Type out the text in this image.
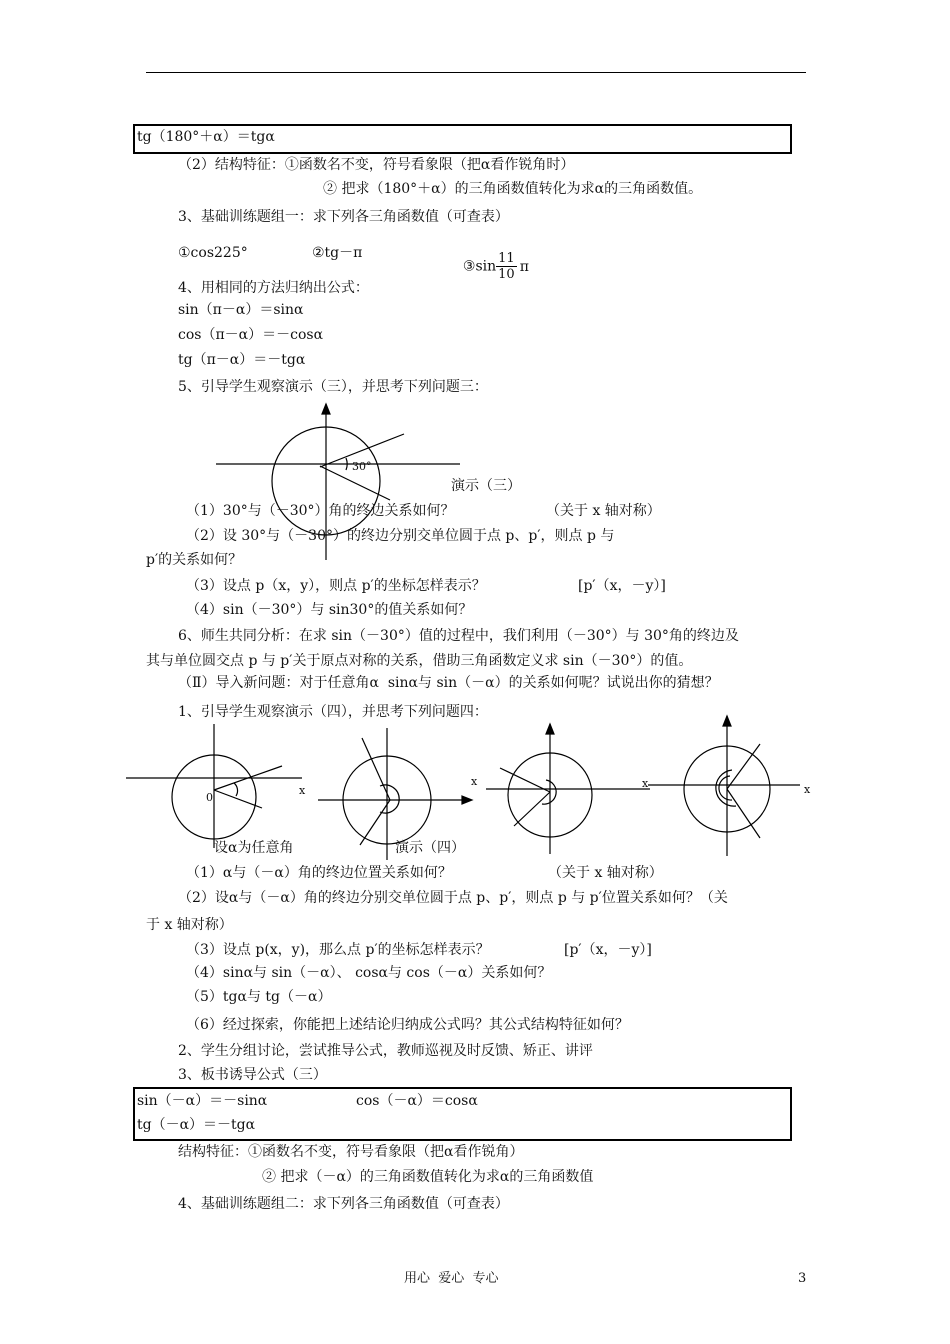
tg（180°＋α）＝tgα
（2）结构特征：①函数名不变，符号看象限（把α看作锐角时）
② 把求（180°＋α）的三角函数值转化为求α的三角函数值。
3、基础训练题组一：求下列各三角函数值（可查表）
①cos225°	②tg－π

③sin $\frac{11}{10}$ π

4、用相同的方法归纳出公式：
sin（π－α）＝sinα
cos（π－α）＝－cosα
tg（π－α）＝－tgα
5、引导学生观察演示（三），并思考下列问题三：
30°
演示（三）
（1）30°与（－30°）角的终边关系如何？	（关于 x 轴对称）
（2）设 30°与（－30°）的终边分别交单位圆于点 p、p′，则点 p 与
p′的关系如何？
（3）设点 p（x，y），则点 p′的坐标怎样表示？	[p′（x，－y）]
（4）sin（－30°）与 sin30°的值关系如何？
6、师生共同分析：在求 sin（－30°）值的过程中，我们利用（－30°）与 30°角的终边及
其与单位圆交点 p 与 p′关于原点对称的关系，借助三角函数定义求 sin（－30°）的值。
（Ⅱ）导入新问题：对于任意角α  sinα与 sin（－α）的关系如何呢？试说出你的猜想？
1、引导学生观察演示（四），并思考下列问题四：
x
0
x	x	x
设α为任意角	演示（四）
（1）α与（－α）角的终边位置关系如何？	（关于 x 轴对称）
（2）设α与（－α）角的终边分别交单位圆于点 p、p′，则点 p 与 p′位置关系如何？（关
于 x 轴对称）
（3）设点 p(x，y)，那么点 p′的坐标怎样表示？	[p′（x，－y）]
（4）sinα与 sin（－α）、 cosα与 cos（－α）关系如何？
（5）tgα与 tg（－α）
（6）经过探索，你能把上述结论归纳成公式吗？其公式结构特征如何？
2、学生分组讨论，尝试推导公式，教师巡视及时反馈、矫正、讲评
3、板书诱导公式（三）
sin（－α）＝－sinα	cos（－α）＝cosα
tg（－α）＝－tgα
结构特征：①函数名不变，符号看象限（把α看作锐角）
② 把求（－α）的三角函数值转化为求α的三角函数值
4、基础训练题组二：求下列各三角函数值（可查表）
用心  爱心  专心	3
